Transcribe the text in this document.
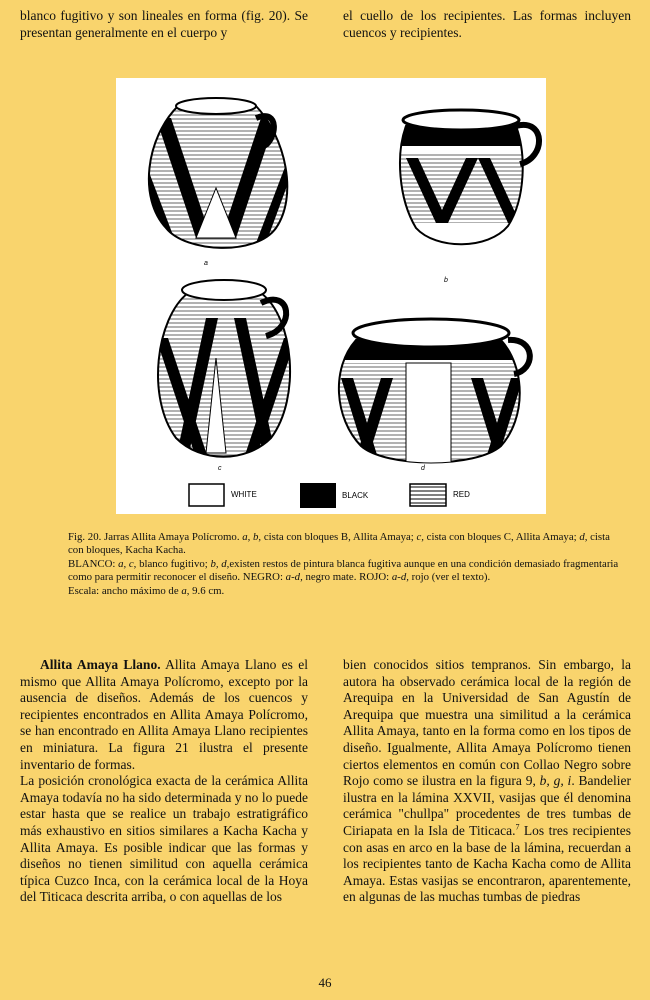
blanco fugitivo y son lineales en forma (fig. 20). Se presentan generalmente en el cuerpo y
el cuello de los recipientes. Las formas incluyen cuencos y recipientes.
a
b
c	d
WHITE	BLACK	RED
Fig. 20. Jarras Allita Amaya Polícromo. a, b, cista con bloques B, Allita Amaya; c, cista con bloques C, Allita Amaya; d, cista con bloques, Kacha Kacha.
BLANCO: a, c, blanco fugitivo; b, d,existen restos de pintura blanca fugitiva aunque en una condición demasiado fragmentaria como para permitir reconocer el diseño. NEGRO: a-d, negro mate. ROJO: a-d, rojo (ver el texto).
Escala: ancho máximo de a, 9.6 cm.

Allita Amaya Llano. Allita Amaya Llano es el mismo que Allita Amaya Polícromo, excepto por la ausencia de diseños. Además de los cuencos y recipientes encontrados en Allita Amaya Polícromo, se han encontrado en Allita Amaya Llano recipientes en miniatura. La figura 21 ilustra el presente inventario de formas.

La posición cronológica exacta de la cerámica Allita Amaya todavía no ha sido determinada y no lo puede estar hasta que se realice un trabajo estratigráfico más exhaustivo en sitios similares a Kacha Kacha y Allita Amaya. Es posible indicar que las formas y diseños no tienen similitud con aquella cerámica típica Cuzco Inca, con la cerámica local de la Hoya del Titicaca descrita arriba, o con aquellas de los

bien conocidos sitios tempranos. Sin embargo, la autora ha observado cerámica local de la región de Arequipa en la Universidad de San Agustín de Arequipa que muestra una similitud a la cerámica Allita Amaya, tanto en la forma como en los tipos de diseño. Igualmente, Allita Amaya Polícromo tienen ciertos elementos en común con Collao Negro sobre Rojo como se ilustra en la figura 9, b, g, i. Bandelier ilustra en la lámina XXVII, vasijas que él denomina cerámica "chullpa" procedentes de tres tumbas de Ciriapata en la Isla de Titicaca.$^7$ Los tres recipientes con asas en arco en la base de la lámina, recuerdan a los recipientes tanto de Kacha Kacha como de Allita Amaya. Estas vasijas se encontraron, aparentemente, en algunas de las muchas tumbas de piedras

46
